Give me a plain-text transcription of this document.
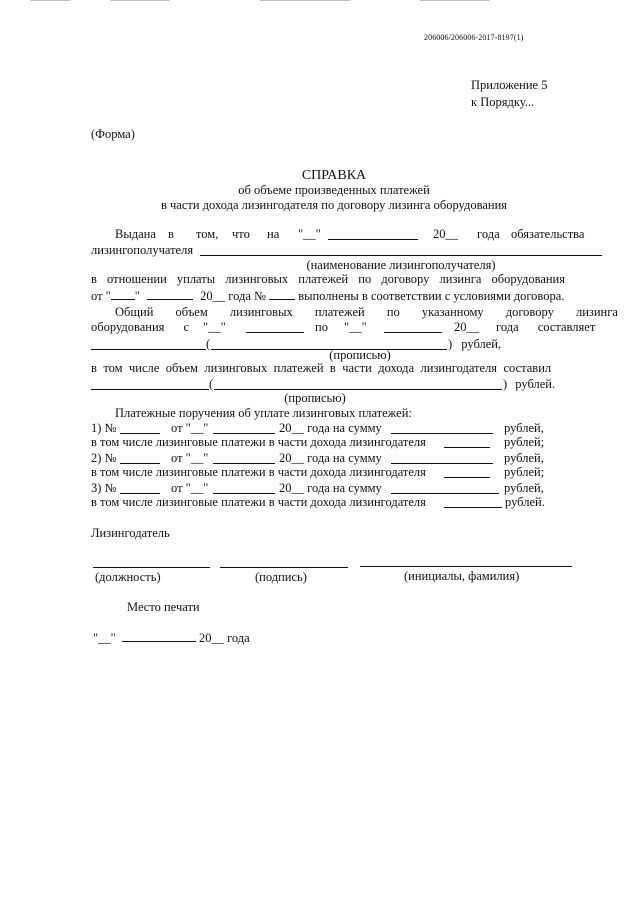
206006/206006-2017-8197(1)
Приложение 5
к Порядку...
(Форма)
СПРАВКА
об объеме произведенных платежей
в части дохода лизингодателя по договору лизинга оборудования
Выдана в том, что на "__"	20__ года обязательства
лизингополучателя
(наименование лизингополучателя)
в отношении уплаты лизинговых платежей по договору лизинга оборудования
от " "	20__ года №	выполнены в соответствии с условиями договора.
Общий объем лизинговых платежей по указанному договору лизинга
оборудования с "__"	по "__"	20__ года составляет
(	) рублей,
(прописью)
в том числе объем лизинговых платежей в части дохода лизингодателя составил
(	) рублей.
(прописью)
Платежные поручения об уплате лизинговых платежей:
1) №	от "__"	20__ года на сумму	рублей,
в том числе лизинговые платежи в части дохода лизингодателя	рублей;
2) №	от "__"	20__ года на сумму	рублей,
в том числе лизинговые платежи в части дохода лизингодателя	рублей;
3) №	от "__"	20__ года на сумму	рублей,
в том числе лизинговые платежи в части дохода лизингодателя	рублей.
Лизингодатель
(должность)	(подпись)	(инициалы, фамилия)
Место печати
"__"	20__ года
